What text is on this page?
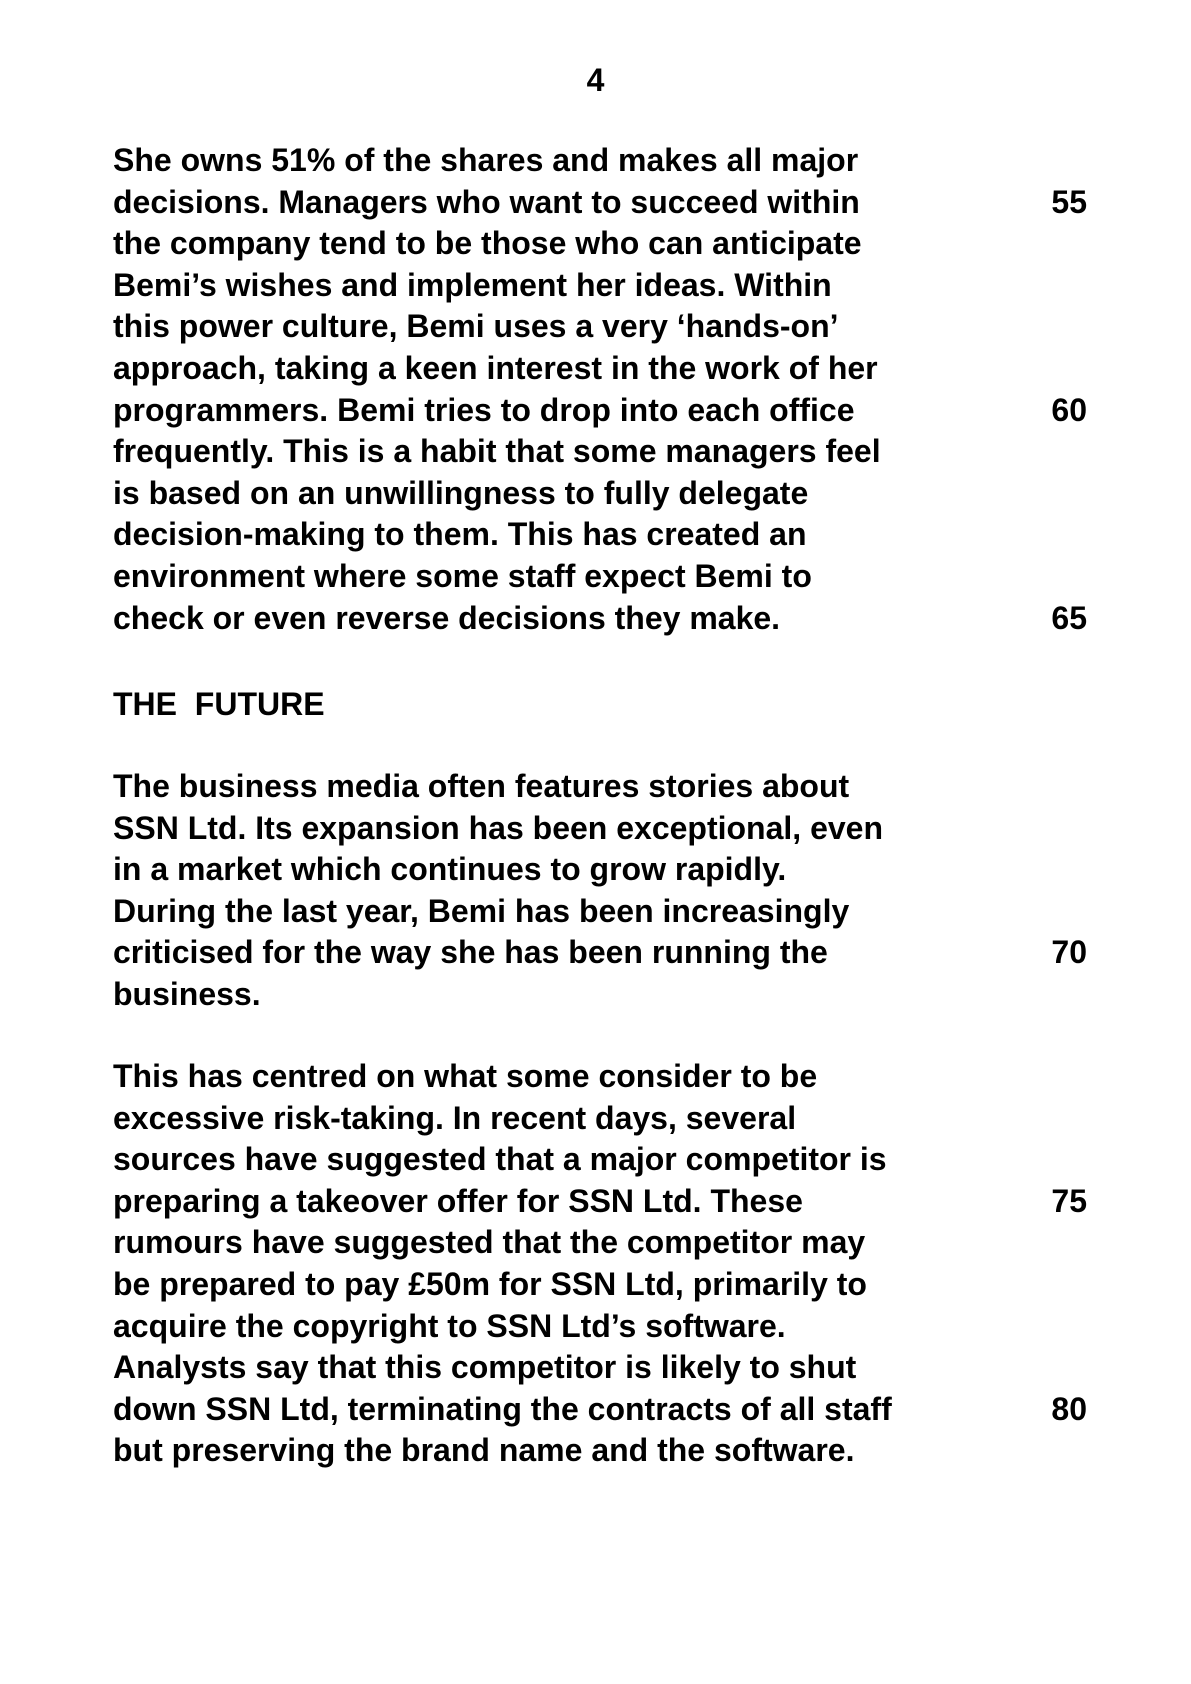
4
She owns 51% of the shares and makes all major
decisions. Managers who want to succeed within	55
the company tend to be those who can anticipate
Bemi’s wishes and implement her ideas. Within
this power culture, Bemi uses a very ‘hands-on’
approach, taking a keen interest in the work of her
programmers. Bemi tries to drop into each office	60
frequently. This is a habit that some managers feel
is based on an unwillingness to fully delegate
decision-making to them. This has created an
environment where some staff expect Bemi to
check or even reverse decisions they make.	65
THE  FUTURE
The business media often features stories about
SSN Ltd. Its expansion has been exceptional, even
in a market which continues to grow rapidly.
During the last year, Bemi has been increasingly
criticised for the way she has been running the	70
business.
This has centred on what some consider to be
excessive risk-taking. In recent days, several
sources have suggested that a major competitor is
preparing a takeover offer for SSN Ltd. These	75
rumours have suggested that the competitor may
be prepared to pay £50m for SSN Ltd, primarily to
acquire the copyright to SSN Ltd’s software.
Analysts say that this competitor is likely to shut
down SSN Ltd, terminating the contracts of all staff	80
but preserving the brand name and the software.
